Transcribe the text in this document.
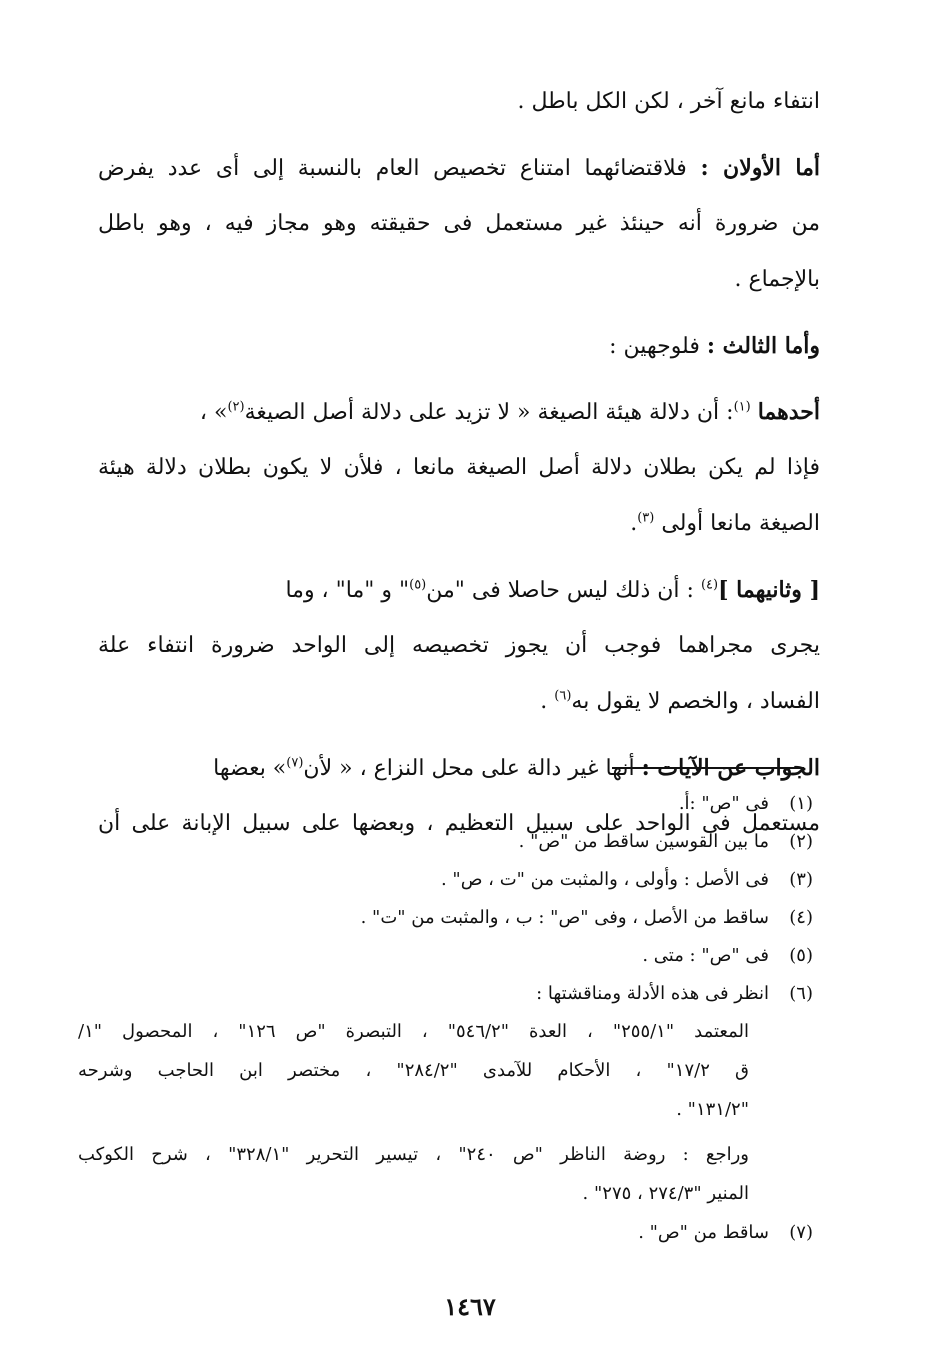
انتفاء مانع آخر ، لكن الكل باطل .
أما الأولان : فلاقتضائهما امتناع تخصيص العام بالنسبة إلى أى عدد يفرض
من ضرورة أنه حينئذ غير مستعمل فى حقيقته وهو مجاز فيه ، وهو باطل
بالإجماع .
وأما الثالث : فلوجهين :
أحدهما $^{(١)}$: أن دلالة هيئة الصيغة « لا تزيد على دلالة أصل الصيغة$^{(٢)}$» ،
فإذا لم يكن بطلان دلالة أصل الصيغة مانعا ، فلأن لا يكون بطلان دلالة هيئة
الصيغة مانعا أولى $^{(٣)}$.
[ وثانيهما ]$^{(٤)}$ : أن ذلك ليس حاصلا فى "من$^{(٥)}$" و "ما" ، وما
يجرى مجراهما فوجب أن يجوز تخصيصه إلى الواحد ضرورة انتفاء علة
الفساد ، والخصم لا يقول به$^{(٦)}$ .
الجواب عن الآيات : أنها غير دالة على محل النزاع ، « لأن$^{(٧)}$» بعضها
مستعمل فى الواحد على سبيل التعظيم ، وبعضها على سبيل الإبانة على أن
(١)فى "ص" :أ.
(٢)ما بين القوسين ساقط من "ص" .
(٣)فى الأصل : وأولى ، والمثبت من "ت ، ص" .
(٤)ساقط من الأصل ، وفى "ص" : ب ، والمثبت من "ت" .
(٥)فى "ص" : متى .
(٦)انظر فى هذه الأدلة ومناقشتها :
المعتمد "٢٥٥/١" ، العدة "٥٤٦/٢" ، التبصرة "ص ١٢٦" ، المحصول "١/
ق ١٧/٢" ، الأحكام للآمدى "٢٨٤/٢" ، مختصر ابن الحاجب وشرحه
"١٣١/٢" .
وراجع : روضة الناظر "ص ٢٤٠" ، تيسير التحرير "٣٢٨/١" ، شرح الكوكب
المنير "٢٧٤/٣ ، ٢٧٥" .
(٧)ساقط من "ص" .
١٤٦٧
